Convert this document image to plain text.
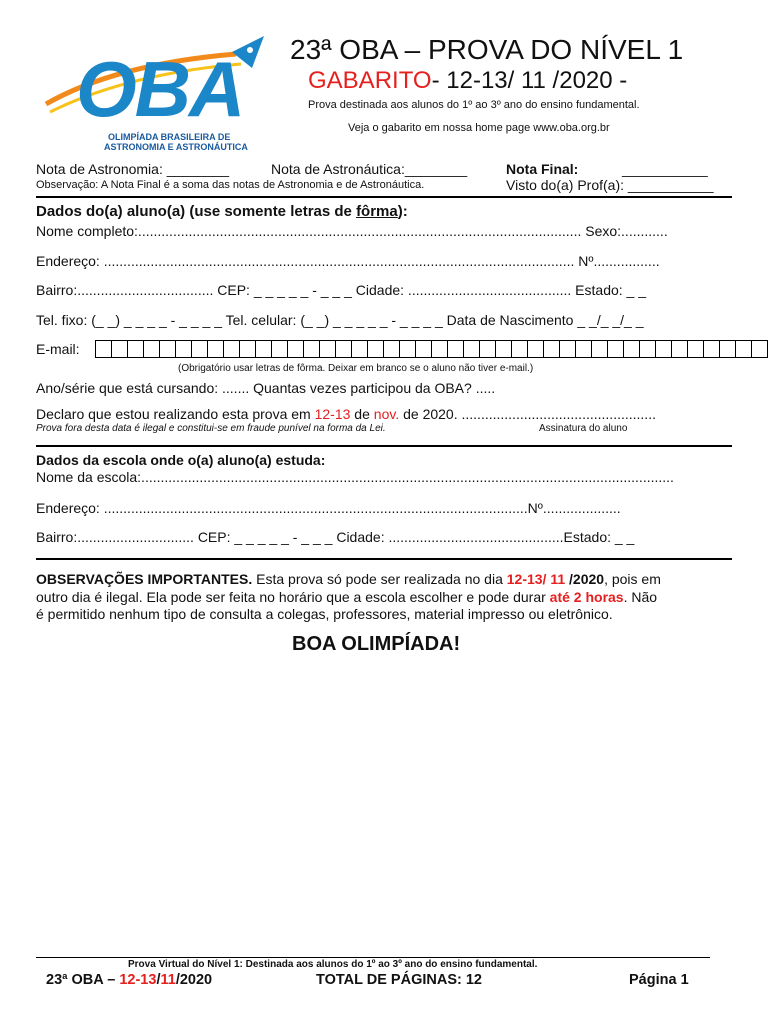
OBA
OLIMPÍADA BRASILEIRA DE
ASTRONOMIA E ASTRONÁUTICA
23ª OBA – PROVA DO NÍVEL 1
GABARITO- 12-13/ 11 /2020 -
Prova destinada aos alunos do 1º ao 3º ano do ensino fundamental.
Veja o gabarito em nossa home page www.oba.org.br
Nota de Astronomia: ________	Nota de Astronáutica:________	Nota Final:	___________
Observação: A Nota Final é a soma das notas de Astronomia e de Astronáutica.	Visto do(a) Prof(a): ___________
Dados do(a) aluno(a) (use somente letras de fôrma):
Nome completo:.................................................................................................................. Sexo:............
Endereço: ......................................................................................................................... Nº.................
Bairro:................................... CEP: _ _ _ _ _ - _ _ _ Cidade: .......................................... Estado: _ _
Tel. fixo: (_ _) _ _ _ _ - _ _ _ _ Tel. celular: (_ _) _ _ _ _ _ - _ _ _ _ Data de Nascimento _ _/_ _/_ _
E-mail:
(Obrigatório usar letras de fôrma. Deixar em branco se o aluno não tiver e-mail.)
Ano/série que está cursando: ....... Quantas vezes participou da OBA? .....
Declaro que estou realizando esta prova em 12-13 de nov. de 2020. ..................................................
Prova fora desta data é ilegal e constitui-se em fraude punível na forma da Lei.	Assinatura do aluno
Dados da escola onde o(a) aluno(a) estuda:
Nome da escola:.........................................................................................................................................
Endereço: .............................................................................................................Nº....................
Bairro:.............................. CEP: _ _ _ _ _ - _ _ _ Cidade: .............................................Estado: _ _
OBSERVAÇÕES IMPORTANTES. Esta prova só pode ser realizada no dia 12-13/ 11 /2020, pois em
outro dia é ilegal. Ela pode ser feita no horário que a escola escolher e pode durar até 2 horas. Não
é permitido nenhum tipo de consulta a colegas, professores, material impresso ou eletrônico.
BOA OLIMPÍADA!
Prova Virtual do Nível 1: Destinada aos alunos do 1º ao 3º ano do ensino fundamental.
23ª OBA – 12-13/11/2020	TOTAL DE PÁGINAS: 12	Página 1
